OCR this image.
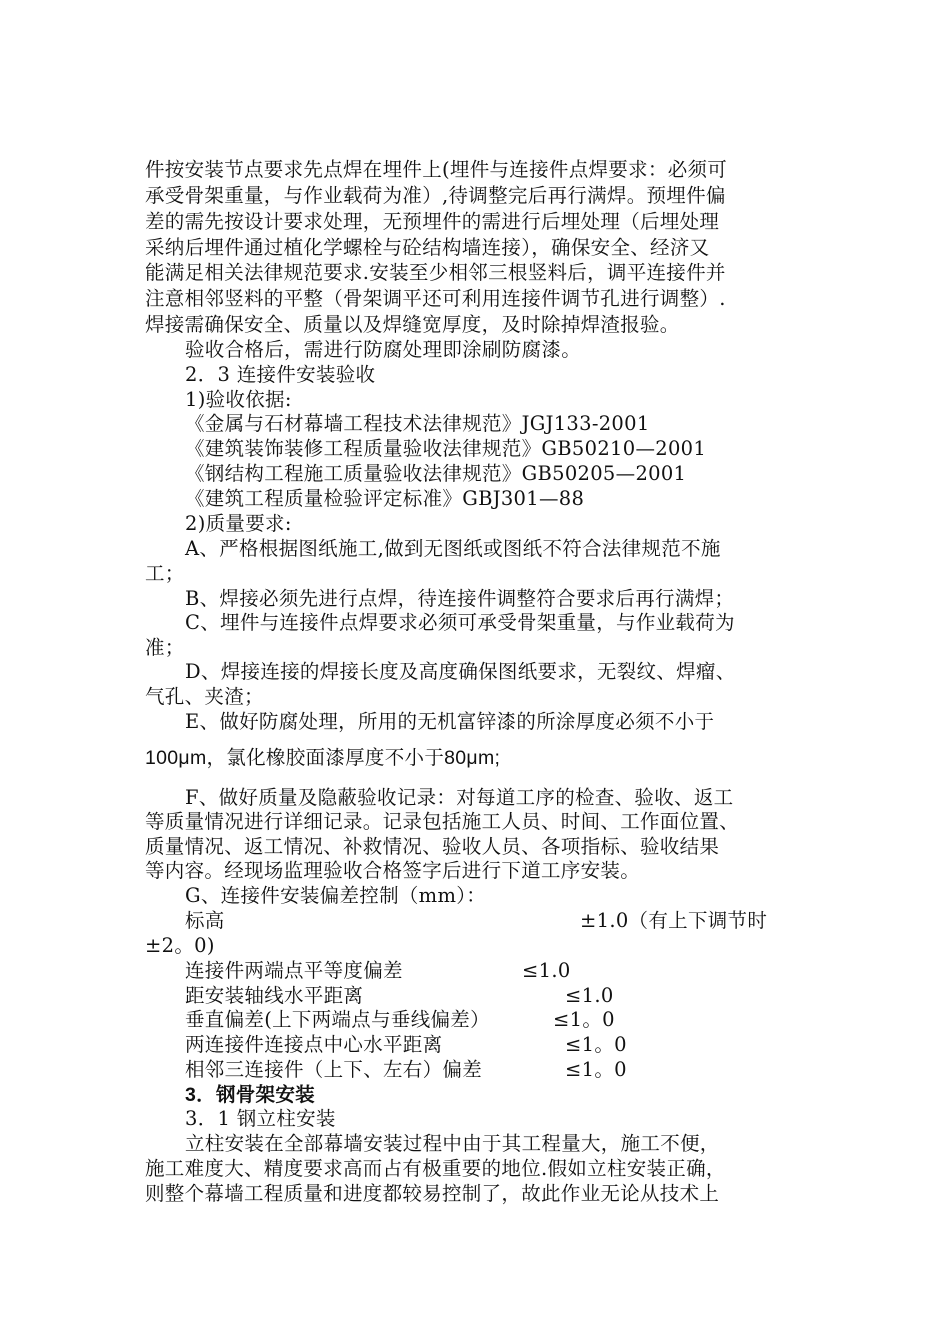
件按安装节点要求先点焊在埋件上(埋件与连接件点焊要求：必须可
承受骨架重量，与作业载荷为准）,待调整完后再行满焊。预埋件偏
差的需先按设计要求处理，无预埋件的需进行后埋处理（后埋处理
采纳后埋件通过植化学螺栓与砼结构墙连接），确保安全、经济又
能满足相关法律规范要求.安装至少相邻三根竖料后，调平连接件并
注意相邻竖料的平整（骨架调平还可利用连接件调节孔进行调整）.
焊接需确保安全、质量以及焊缝宽厚度，及时除掉焊渣报验。
验收合格后，需进行防腐处理即涂刷防腐漆。
2．3 连接件安装验收
1)验收依据:
《金属与石材幕墙工程技术法律规范》JGJ133-2001
《建筑装饰装修工程质量验收法律规范》GB50210—2001
《钢结构工程施工质量验收法律规范》GB50205—2001
《建筑工程质量检验评定标准》GBJ301—88
2)质量要求:
A、严格根据图纸施工,做到无图纸或图纸不符合法律规范不施
工；
B、焊接必须先进行点焊，待连接件调整符合要求后再行满焊；
C、埋件与连接件点焊要求必须可承受骨架重量，与作业载荷为
准；
D、焊接连接的焊接长度及高度确保图纸要求，无裂纹、焊瘤、
气孔、夹渣；
E、做好防腐处理，所用的无机富锌漆的所涂厚度必须不小于
100μm，氯化橡胶面漆厚度不小于80μm;
F、做好质量及隐蔽验收记录：对每道工序的检查、验收、返工
等质量情况进行详细记录。记录包括施工人员、时间、工作面位置、
质量情况、返工情况、补救情况、验收人员、各项指标、验收结果
等内容。经现场监理验收合格签字后进行下道工序安装。
G、连接件安装偏差控制（mm）：
标高	±1.0（有上下调节时
±2。0)
连接件两端点平等度偏差	≤1.0
距安装轴线水平距离	≤1.0
垂直偏差(上下两端点与垂线偏差）	≤1。0
两连接件连接点中心水平距离	≤1。0
相邻三连接件（上下、左右）偏差	≤1。0
3．钢骨架安装
3．1 钢立柱安装
立柱安装在全部幕墙安装过程中由于其工程量大，施工不便，
施工难度大、精度要求高而占有极重要的地位.假如立柱安装正确，
则整个幕墙工程质量和进度都较易控制了，故此作业无论从技术上
